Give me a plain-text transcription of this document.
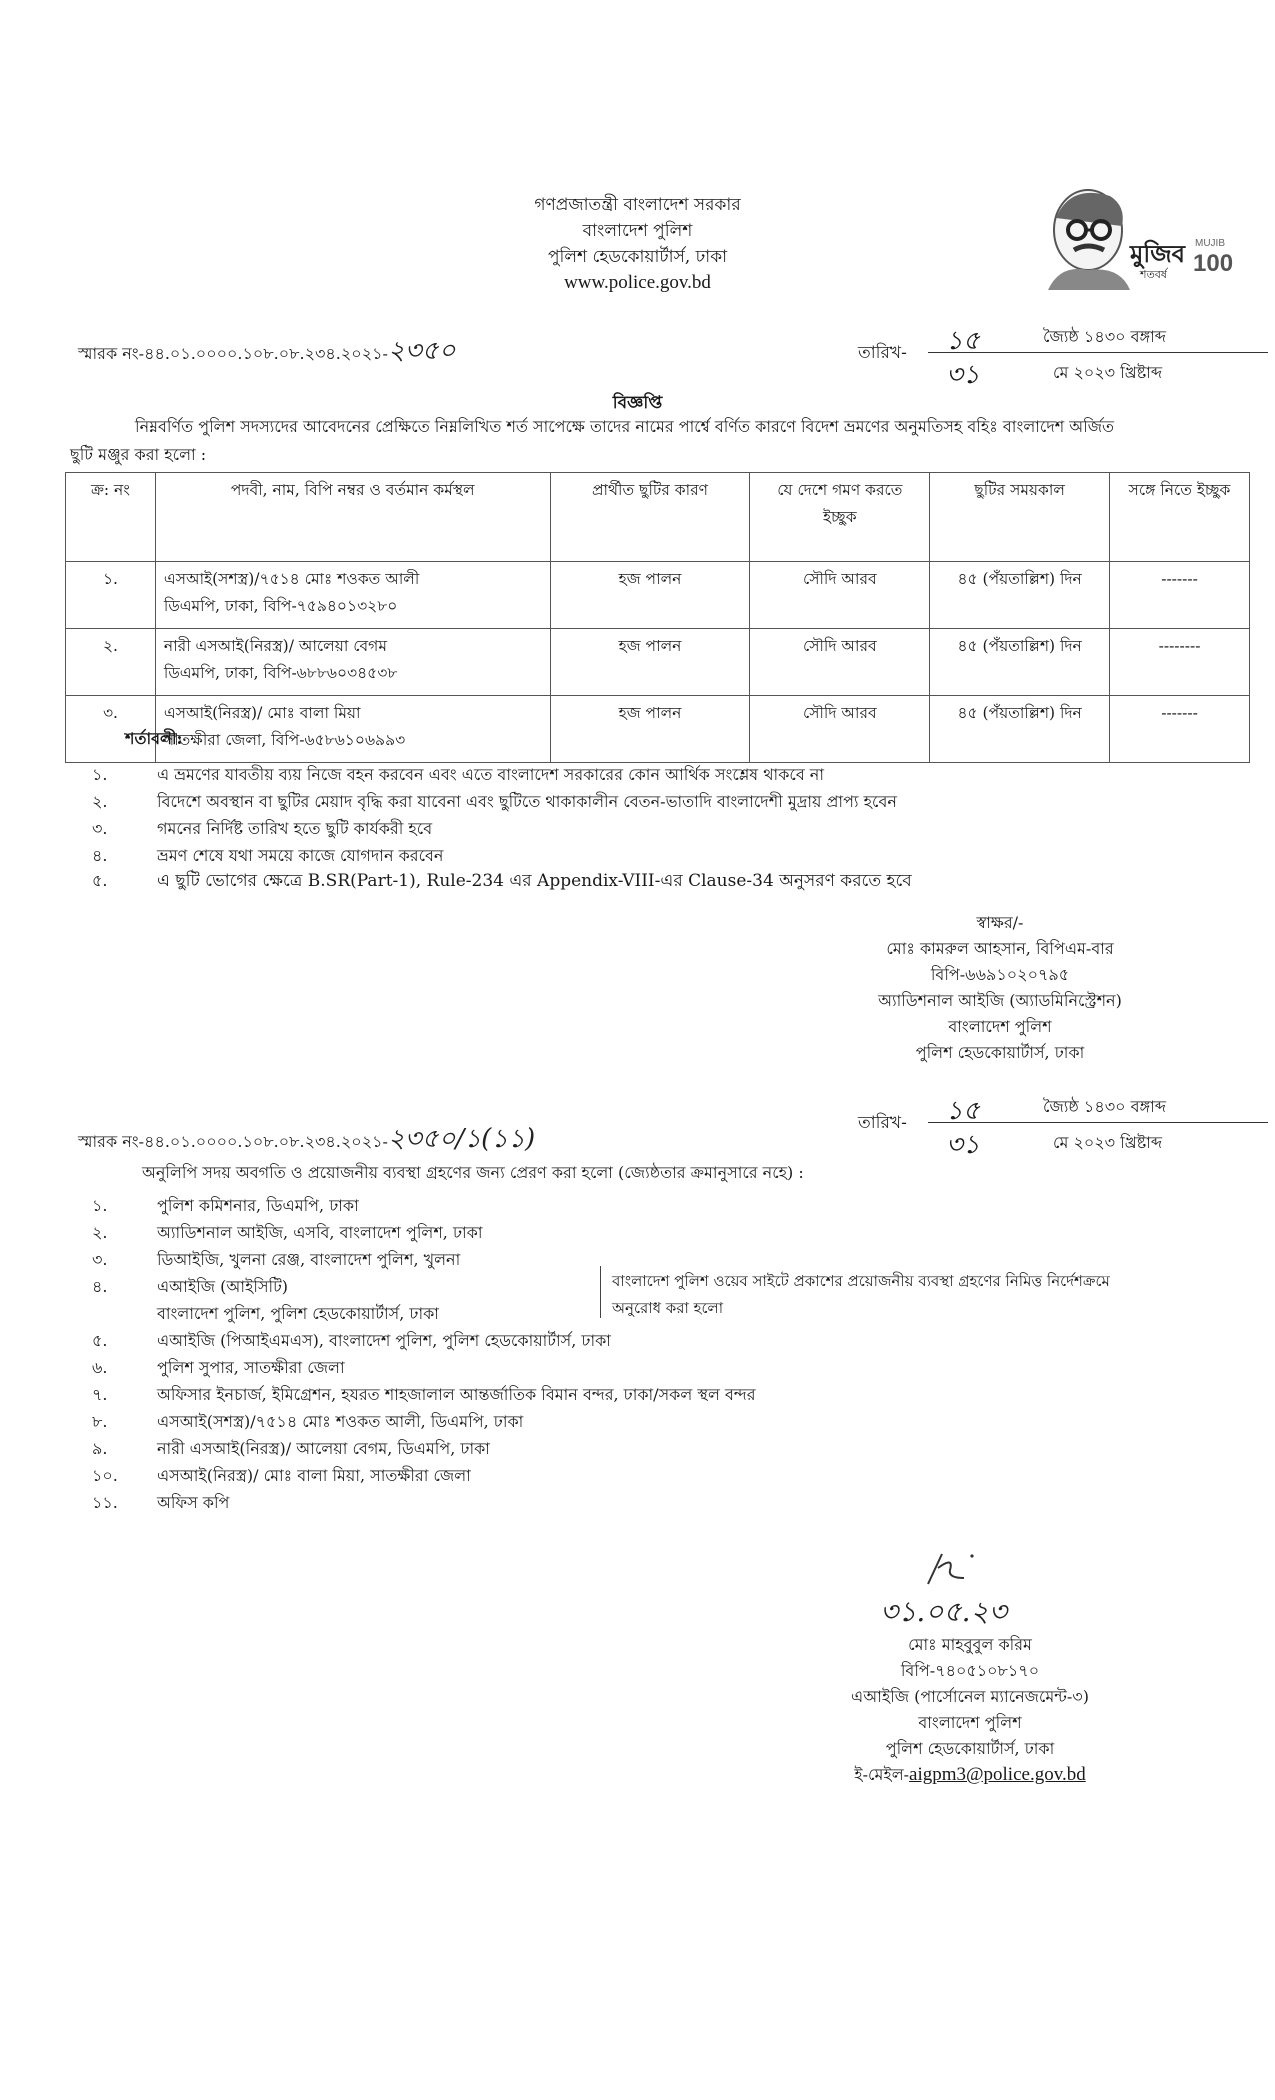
গণপ্রজাতন্ত্রী বাংলাদেশ সরকার
বাংলাদেশ পুলিশ
পুলিশ হেডকোয়ার্টার্স, ঢাকা
www.police.gov.bd
মুজিব
শতবর্ষ
MUJIB
100
স্মারক নং-৪৪.০১.০০০০.১০৮.০৮.২৩৪.২০২১-২৩৫০	তারিখ- ১৫	জ্যৈষ্ঠ ১৪৩০ বঙ্গাব্দ
৩১	মে ২০২৩ খ্রিষ্টাব্দ
বিজ্ঞপ্তি
নিম্নবর্ণিত পুলিশ সদস্যদের আবেদনের প্রেক্ষিতে নিম্নলিখিত শর্ত সাপেক্ষে তাদের নামের পার্শ্বে বর্ণিত কারণে বিদেশ ভ্রমণের অনুমতিসহ বহিঃ বাংলাদেশ অর্জিত
ছুটি মঞ্জুর করা হলো :
ক্র: নং	পদবী, নাম, বিপি নম্বর ও বর্তমান কর্মস্থল	প্রার্থীত ছুটির কারণ	যে দেশে গমণ করতে ইচ্ছুক	ছুটির সময়কাল	সঙ্গে নিতে ইচ্ছুক
১.	এসআই(সশস্ত্র)/৭৫১৪ মোঃ শওকত আলী
ডিএমপি, ঢাকা, বিপি-৭৫৯৪০১৩২৮০	হজ পালন	সৌদি আরব	৪৫ (পঁয়তাল্লিশ) দিন	-------
২.	নারী এসআই(নিরস্ত্র)/ আলেয়া বেগম
ডিএমপি, ঢাকা, বিপি-৬৮৮৬০৩৪৫৩৮	হজ পালন	সৌদি আরব	৪৫ (পঁয়তাল্লিশ) দিন	--------
৩.	এসআই(নিরস্ত্র)/ মোঃ বালা মিয়া
সাতক্ষীরা জেলা, বিপি-৬৫৮৬১০৬৯৯৩	হজ পালন	সৌদি আরব	৪৫ (পঁয়তাল্লিশ) দিন	-------
শর্তাবলী:
১.	এ ভ্রমণের যাবতীয় ব্যয় নিজে বহন করবেন এবং এতে বাংলাদেশ সরকারের কোন আর্থিক সংশ্লেষ থাকবে না
২.	বিদেশে অবস্থান বা ছুটির মেয়াদ বৃদ্ধি করা যাবেনা এবং ছুটিতে থাকাকালীন বেতন-ভাতাদি বাংলাদেশী মুদ্রায় প্রাপ্য হবেন
৩.	গমনের নির্দিষ্ট তারিখ হতে ছুটি কার্যকরী হবে
৪.	ভ্রমণ শেষে যথা সময়ে কাজে যোগদান করবেন
৫.	এ ছুটি ভোগের ক্ষেত্রে B.SR(Part-1), Rule-234 এর Appendix-VIII-এর Clause-34 অনুসরণ করতে হবে
স্বাক্ষর/-
মোঃ কামরুল আহসান, বিপিএম-বার
বিপি-৬৬৯১০২০৭৯৫
অ্যাডিশনাল আইজি (অ্যাডমিনিস্ট্রেশন)
বাংলাদেশ পুলিশ
পুলিশ হেডকোয়ার্টার্স, ঢাকা
স্মারক নং-৪৪.০১.০০০০.১০৮.০৮.২৩৪.২০২১-২৩৫০/১(১১)
তারিখ- ১৫	জ্যৈষ্ঠ ১৪৩০ বঙ্গাব্দ
৩১	মে ২০২৩ খ্রিষ্টাব্দ
অনুলিপি সদয় অবগতি ও প্রয়োজনীয় ব্যবস্থা গ্রহণের জন্য প্রেরণ করা হলো (জ্যেষ্ঠতার ক্রমানুসারে নহে) :
১.	পুলিশ কমিশনার, ডিএমপি, ঢাকা
২.	অ্যাডিশনাল আইজি, এসবি, বাংলাদেশ পুলিশ, ঢাকা
৩.	ডিআইজি, খুলনা রেঞ্জ, বাংলাদেশ পুলিশ, খুলনা
৪.	এআইজি (আইসিটি)
বাংলাদেশ পুলিশ, পুলিশ হেডকোয়ার্টার্স, ঢাকা
৫.	এআইজি (পিআইএমএস), বাংলাদেশ পুলিশ, পুলিশ হেডকোয়ার্টার্স, ঢাকা
৬.	পুলিশ সুপার, সাতক্ষীরা জেলা
৭.	অফিসার ইনচার্জ, ইমিগ্রেশন, হযরত শাহজালাল আন্তর্জাতিক বিমান বন্দর, ঢাকা/সকল স্থল বন্দর
৮.	এসআই(সশস্ত্র)/৭৫১৪ মোঃ শওকত আলী, ডিএমপি, ঢাকা
৯.	নারী এসআই(নিরস্ত্র)/ আলেয়া বেগম, ডিএমপি, ঢাকা
১০. এসআই(নিরস্ত্র)/ মোঃ বালা মিয়া, সাতক্ষীরা জেলা
১১. অফিস কপি
বাংলাদেশ পুলিশ ওয়েব সাইটে প্রকাশের প্রয়োজনীয় ব্যবস্থা গ্রহণের নিমিত্ত নির্দেশক্রমে
অনুরোধ করা হলো
৩১.০৫.২৩
মোঃ মাহবুবুল করিম
বিপি-৭৪০৫১০৮১৭০
এআইজি (পার্সোনেল ম্যানেজমেন্ট-৩)
বাংলাদেশ পুলিশ
পুলিশ হেডকোয়ার্টার্স, ঢাকা
ই-মেইল-aigpm3@police.gov.bd
